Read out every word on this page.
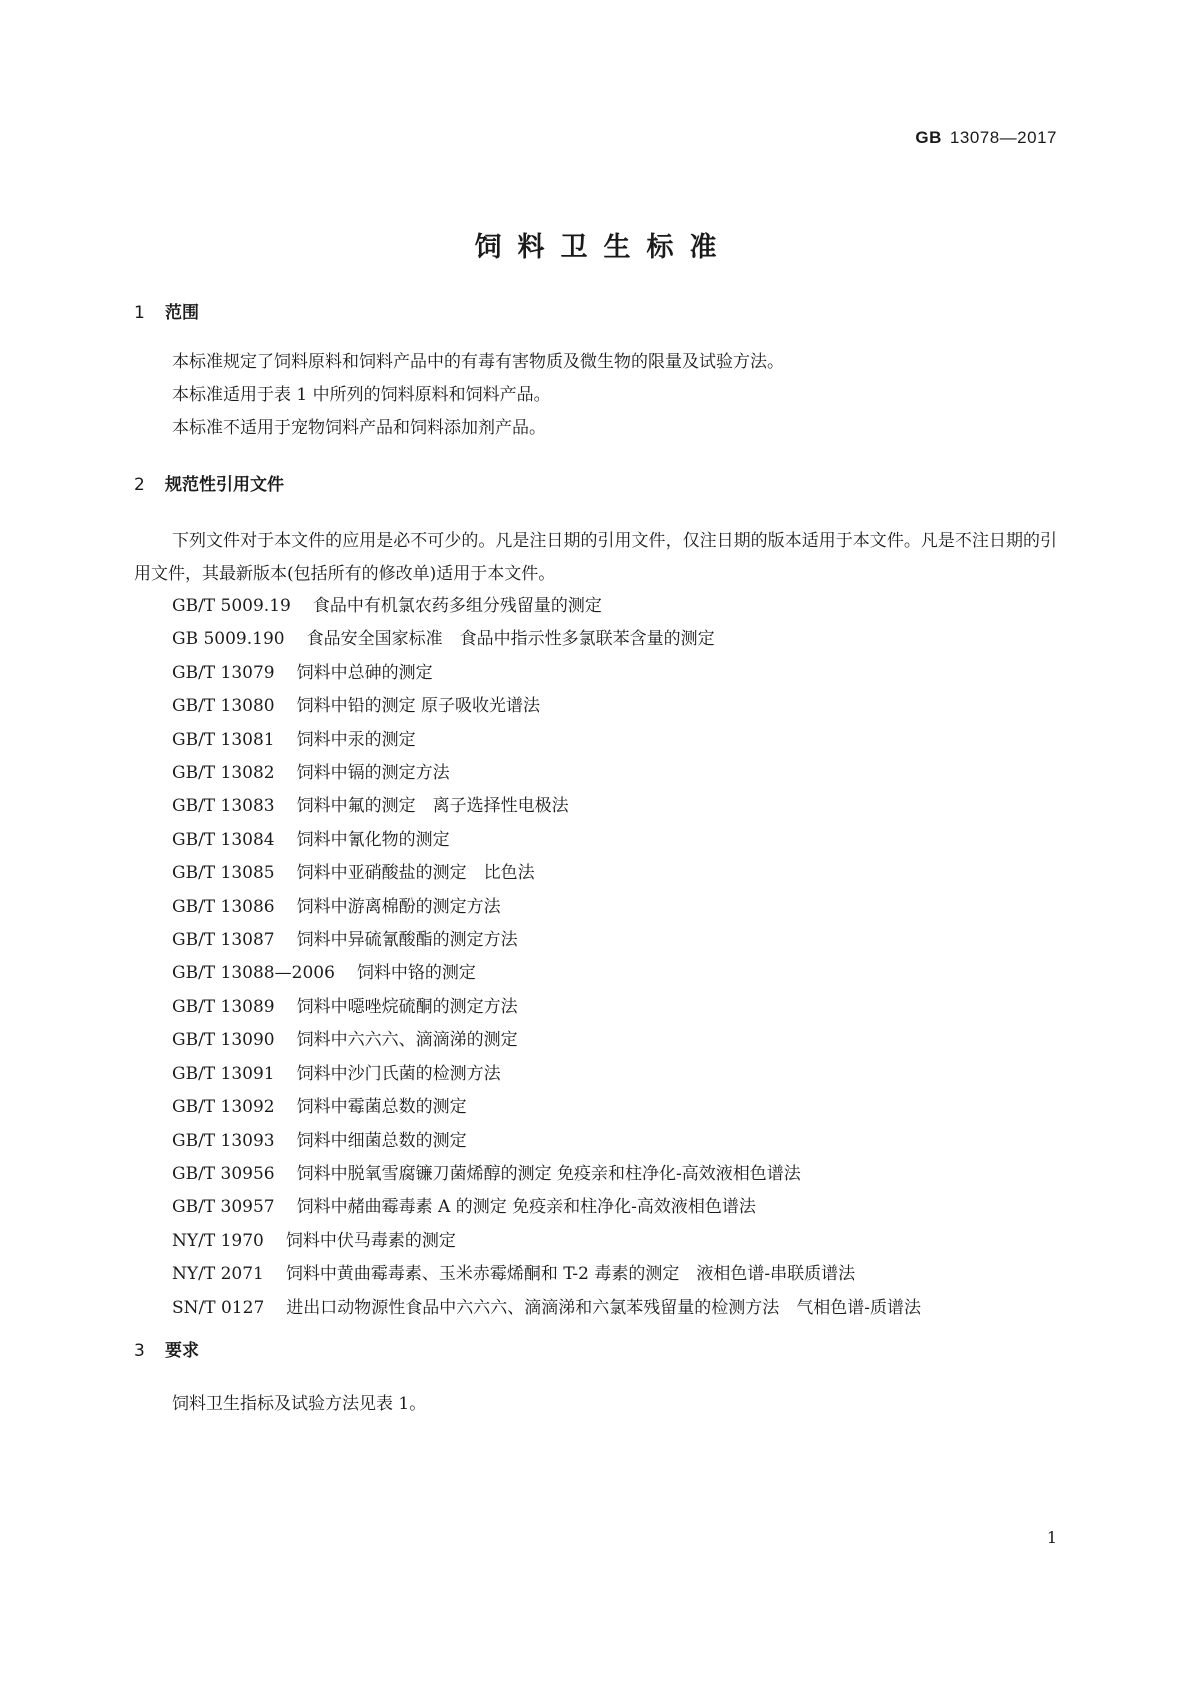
GB 13078—2017
饲料卫生标准
1 范围

本标准规定了饲料原料和饲料产品中的有毒有害物质及微生物的限量及试验方法。

本标准适用于表 1 中所列的饲料原料和饲料产品。

本标准不适用于宠物饲料产品和饲料添加剂产品。

2 规范性引用文件

下列文件对于本文件的应用是必不可少的。凡是注日期的引用文件，仅注日期的版本适用于本文件。凡是不注日期的引用文件，其最新版本(包括所有的修改单)适用于本文件。

GB/T 5009.19 食品中有机氯农药多组分残留量的测定

GB 5009.190 食品安全国家标准　食品中指示性多氯联苯含量的测定

GB/T 13079 饲料中总砷的测定

GB/T 13080 饲料中铅的测定 原子吸收光谱法

GB/T 13081 饲料中汞的测定

GB/T 13082 饲料中镉的测定方法

GB/T 13083 饲料中氟的测定　离子选择性电极法

GB/T 13084 饲料中氰化物的测定

GB/T 13085 饲料中亚硝酸盐的测定　比色法

GB/T 13086 饲料中游离棉酚的测定方法

GB/T 13087 饲料中异硫氰酸酯的测定方法

GB/T 13088—2006 饲料中铬的测定

GB/T 13089 饲料中噁唑烷硫酮的测定方法

GB/T 13090 饲料中六六六、滴滴涕的测定

GB/T 13091 饲料中沙门氏菌的检测方法

GB/T 13092 饲料中霉菌总数的测定

GB/T 13093 饲料中细菌总数的测定

GB/T 30956 饲料中脱氧雪腐镰刀菌烯醇的测定 免疫亲和柱净化-高效液相色谱法

GB/T 30957 饲料中赭曲霉毒素 A 的测定 免疫亲和柱净化-高效液相色谱法

NY/T 1970 饲料中伏马毒素的测定

NY/T 2071 饲料中黄曲霉毒素、玉米赤霉烯酮和 T-2 毒素的测定　液相色谱-串联质谱法

SN/T 0127 进出口动物源性食品中六六六、滴滴涕和六氯苯残留量的检测方法　气相色谱-质谱法

3 要求

饲料卫生指标及试验方法见表 1。

1
